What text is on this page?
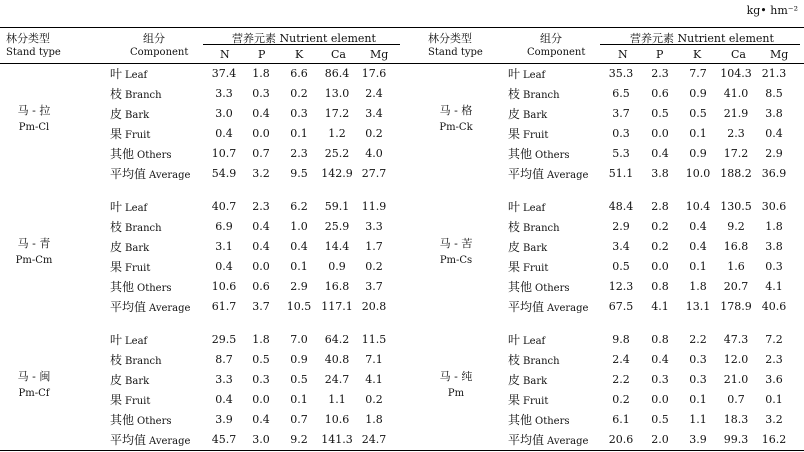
kg• hm⁻²
林分类型
Stand type
组分
Component
营养元素 Nutrient element
N	P	K	Ca Mg
林分类型
Stand type
组分
Component
营养元素 Nutrient element
N	P	K	Ca Mg
马 - 拉
Pm-Cl
叶 Leaf	37.4	1.8	6.6	86.4	17.6
枝 Branch	3.3	0.3	0.2	13.0	2.4
皮 Bark	3.0	0.4	0.3	17.2	3.4
果 Fruit	0.4	0.0	0.1	1.2	0.2
其他 Others	10.7	0.7	2.3	25.2	4.0
平均值 Average	54.9	3.2	9.5	142.9 27.7
马 - 青
Pm-Cm
叶 Leaf	40.7	2.3	6.2	59.1	11.9
枝 Branch	6.9	0.4	1.0	25.9	3.3
皮 Bark	3.1	0.4	0.4	14.4	1.7
果 Fruit	0.4	0.0	0.1	0.9	0.2
其他 Others	10.6	0.6	2.9	16.8	3.7
平均值 Average	61.7	3.7	10.5 117.1 20.8
马 - 闽
Pm-Cf
叶 Leaf	29.5	1.8	7.0	64.2	11.5
枝 Branch	8.7	0.5	0.9	40.8	7.1
皮 Bark	3.3	0.3	0.5	24.7	4.1
果 Fruit	0.4	0.0	0.1	1.1	0.2
其他 Others	3.9	0.4	0.7	10.6	1.8
平均值 Average	45.7	3.0	9.2	141.3 24.7
马 - 格
Pm-Ck
叶 Leaf	35.3	2.3	7.7	104.3 21.3
枝 Branch	6.5	0.6	0.9	41.0	8.5
皮 Bark	3.7	0.5	0.5	21.9	3.8
果 Fruit	0.3	0.0	0.1	2.3	0.4
其他 Others	5.3	0.4	0.9	17.2	2.9
平均值 Average	51.1	3.8	10.0 188.2 36.9
马 - 苦
Pm-Cs
叶 Leaf	48.4	2.8	10.4 130.5 30.6
枝 Branch	2.9	0.2	0.4	9.2	1.8
皮 Bark	3.4	0.2	0.4	16.8	3.8
果 Fruit	0.5	0.0	0.1	1.6	0.3
其他 Others	12.3	0.8	1.8	20.7	4.1
平均值 Average	67.5	4.1	13.1 178.9 40.6
马 - 纯
Pm
叶 Leaf	9.8	0.8	2.2	47.3	7.2
枝 Branch	2.4	0.4	0.3	12.0	2.3
皮 Bark	2.2	0.3	0.3	21.0	3.6
果 Fruit	0.2	0.0	0.1	0.7	0.1
其他 Others	6.1	0.5	1.1	18.3	3.2
平均值 Average	20.6	2.0	3.9	99.3	16.2
